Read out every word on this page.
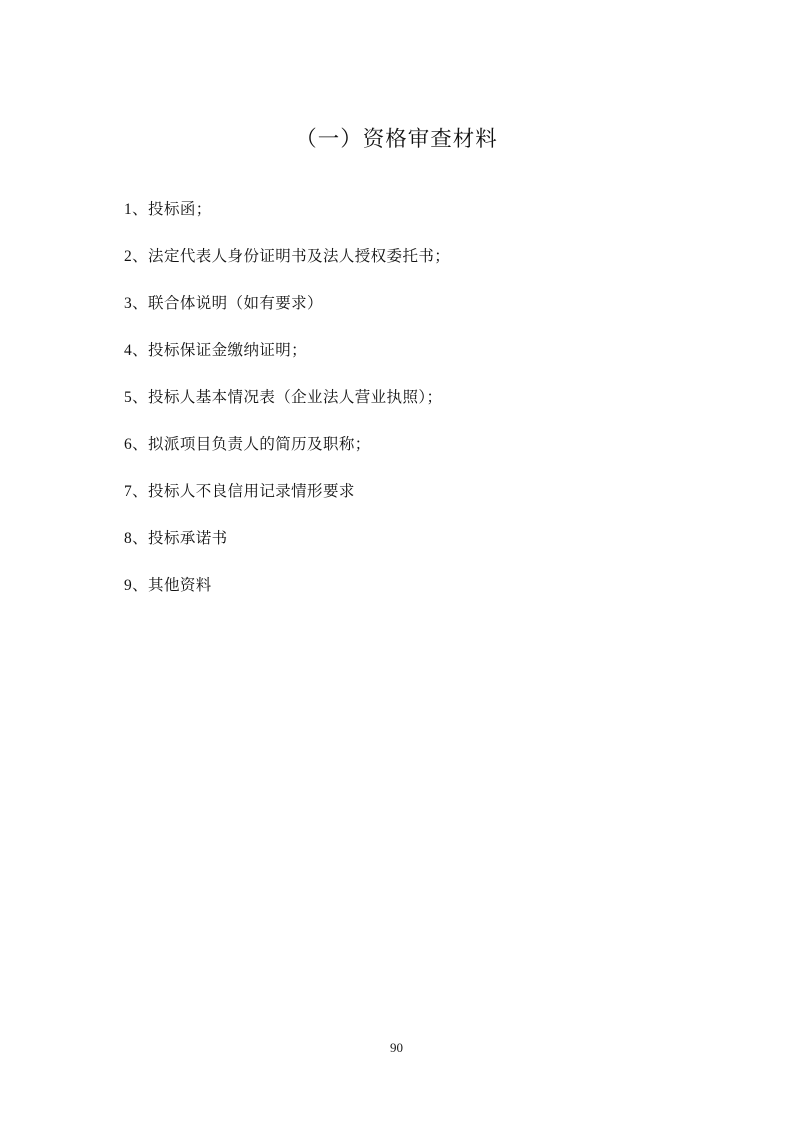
（一）资格审查材料
1、投标函；
2、法定代表人身份证明书及法人授权委托书；
3、联合体说明（如有要求）
4、投标保证金缴纳证明；
5、投标人基本情况表（企业法人营业执照）；
6、拟派项目负责人的简历及职称；
7、投标人不良信用记录情形要求
8、投标承诺书
9、其他资料
90
